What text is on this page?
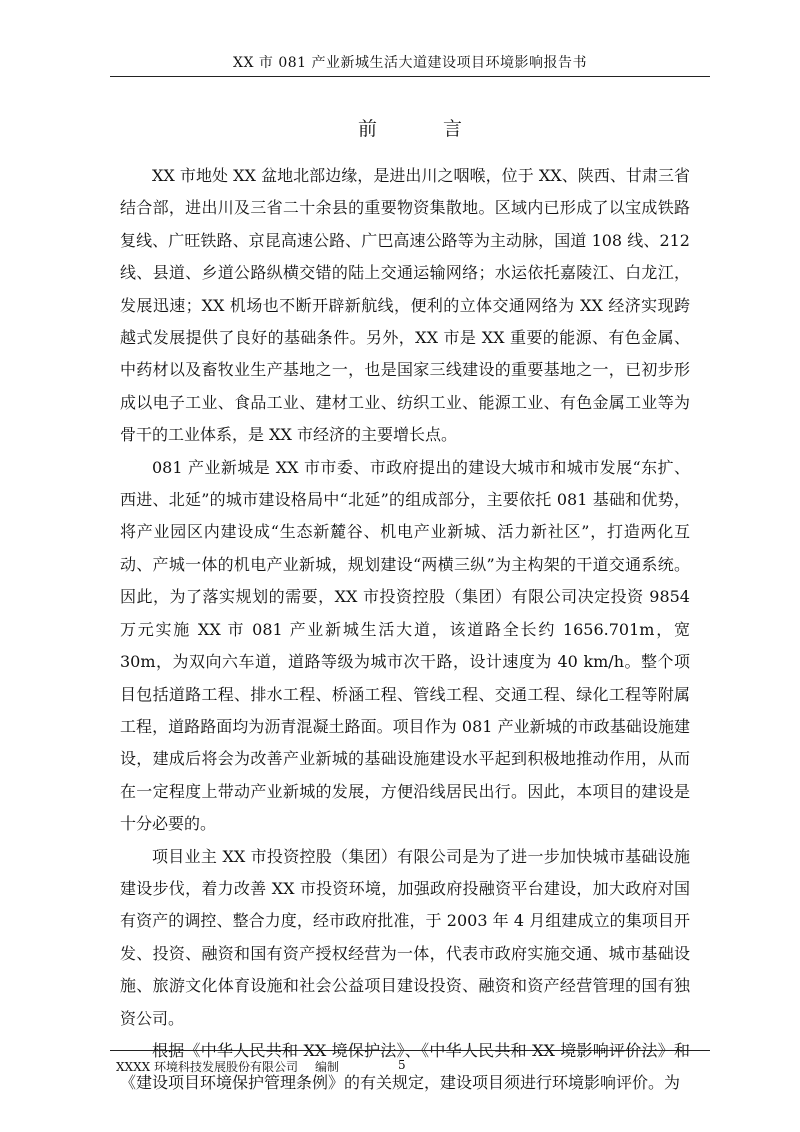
XX 市 081 产业新城生活大道建设项目环境影响报告书
前 言

XX 市地处 XX 盆地北部边缘，是进出川之咽喉，位于 XX、陕西、甘肃三省结合部，进出川及三省二十余县的重要物资集散地。区域内已形成了以宝成铁路复线、广旺铁路、京昆高速公路、广巴高速公路等为主动脉，国道 108 线、212 线、县道、乡道公路纵横交错的陆上交通运输网络；水运依托嘉陵江、白龙江，发展迅速；XX 机场也不断开辟新航线，便利的立体交通网络为 XX 经济实现跨越式发展提供了良好的基础条件。另外，XX 市是 XX 重要的能源、有色金属、中药材以及畜牧业生产基地之一，也是国家三线建设的重要基地之一，已初步形成以电子工业、食品工业、建材工业、纺织工业、能源工业、有色金属工业等为骨干的工业体系，是 XX 市经济的主要增长点。

081 产业新城是 XX 市市委、市政府提出的建设大城市和城市发展“东扩、西进、北延”的城市建设格局中“北延”的组成部分，主要依托 081 基础和优势，将产业园区内建设成“生态新麓谷、机电产业新城、活力新社区”，打造两化互动、产城一体的机电产业新城，规划建设“两横三纵”为主构架的干道交通系统。因此，为了落实规划的需要，XX 市投资控股（集团）有限公司决定投资 9854 万元实施 XX 市 081 产业新城生活大道，该道路全长约 1656.701m，宽 30m，为双向六车道，道路等级为城市次干路，设计速度为 40 km/h。整个项目包括道路工程、排水工程、桥涵工程、管线工程、交通工程、绿化工程等附属工程，道路路面均为沥青混凝土路面。项目作为 081 产业新城的市政基础设施建设，建成后将会为改善产业新城的基础设施建设水平起到积极地推动作用，从而在一定程度上带动产业新城的发展，方便沿线居民出行。因此，本项目的建设是十分必要的。

项目业主 XX 市投资控股（集团）有限公司是为了进一步加快城市基础设施建设步伐，着力改善 XX 市投资环境，加强政府投融资平台建设，加大政府对国有资产的调控、整合力度，经市政府批准，于 2003 年 4 月组建成立的集项目开发、投资、融资和国有资产授权经营为一体，代表市政府实施交通、城市基础设施、旅游文化体育设施和社会公益项目建设投资、融资和资产经营管理的国有独资公司。

根据《中华人民共和 XX 境保护法》、《中华人民共和 XX 境影响评价法》和《建设项目环境保护管理条例》的有关规定，建设项目须进行环境影响评价。为

XXXX 环境科技发展股份有限公司 编制	5
